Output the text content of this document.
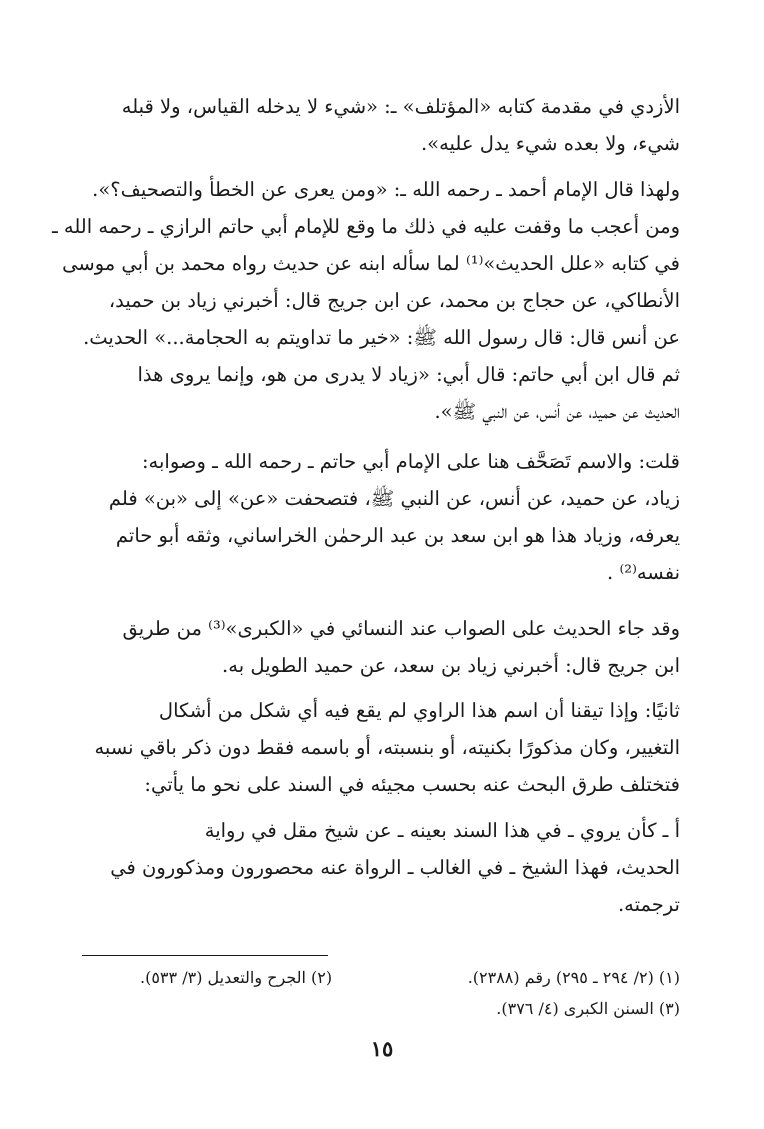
الأزدي في مقدمة كتابه «المؤتلف» ـ: «شيء لا يدخله القياس، ولا قبله
شيء، ولا بعده شيء يدل عليه».
ولهذا قال الإمام أحمد ـ رحمه الله ـ: «ومن يعرى عن الخطأ والتصحيف؟».
ومن أعجب ما وقفت عليه في ذلك ما وقع للإمام أبي حاتم الرازي ـ رحمه الله ـ
في كتابه «علل الحديث»⁽¹⁾ لما سأله ابنه عن حديث رواه محمد بن أبي موسى
الأنطاكي، عن حجاج بن محمد، عن ابن جريج قال: أخبرني زياد بن حميد،
عن أنس قال: قال رسول الله ﷺ: «خير ما تداويتم به الحجامة...» الحديث.
ثم قال ابن أبي حاتم: قال أبي: «زياد لا يدرى من هو، وإنما يروى هذا
الحديث عن حميد، عن أنس، عن النبي ﷺ».
قلت: والاسم تَصَحَّف هنا على الإمام أبي حاتم ـ رحمه الله ـ وصوابه:
زياد، عن حميد، عن أنس، عن النبي ﷺ، فتصحفت «عن» إلى «بن» فلم
يعرفه، وزياد هذا هو ابن سعد بن عبد الرحمٰن الخراساني، وثقه أبو حاتم
نفسه⁽²⁾ .
وقد جاء الحديث على الصواب عند النسائي في «الكبرى»⁽³⁾ من طريق
ابن جريج قال: أخبرني زياد بن سعد، عن حميد الطويل به.
ثانيًا: وإذا تيقنا أن اسم هذا الراوي لم يقع فيه أي شكل من أشكال
التغيير، وكان مذكورًا بكنيته، أو بنسبته، أو باسمه فقط دون ذكر باقي نسبه
فتختلف طرق البحث عنه بحسب مجيئه في السند على نحو ما يأتي:
أ ـ كأن يروي ـ في هذا السند بعينه ـ عن شيخ مقل في رواية
الحديث، فهذا الشيخ ـ في الغالب ـ الرواة عنه محصورون ومذكورون في
ترجمته.
(١) (٢/ ٢٩٤ ـ ٢٩٥) رقم (٢٣٨٨).
(٢) الجرح والتعديل (٣/ ٥٣٣).
(٣) السنن الكبرى (٤/ ٣٧٦).
١٥
